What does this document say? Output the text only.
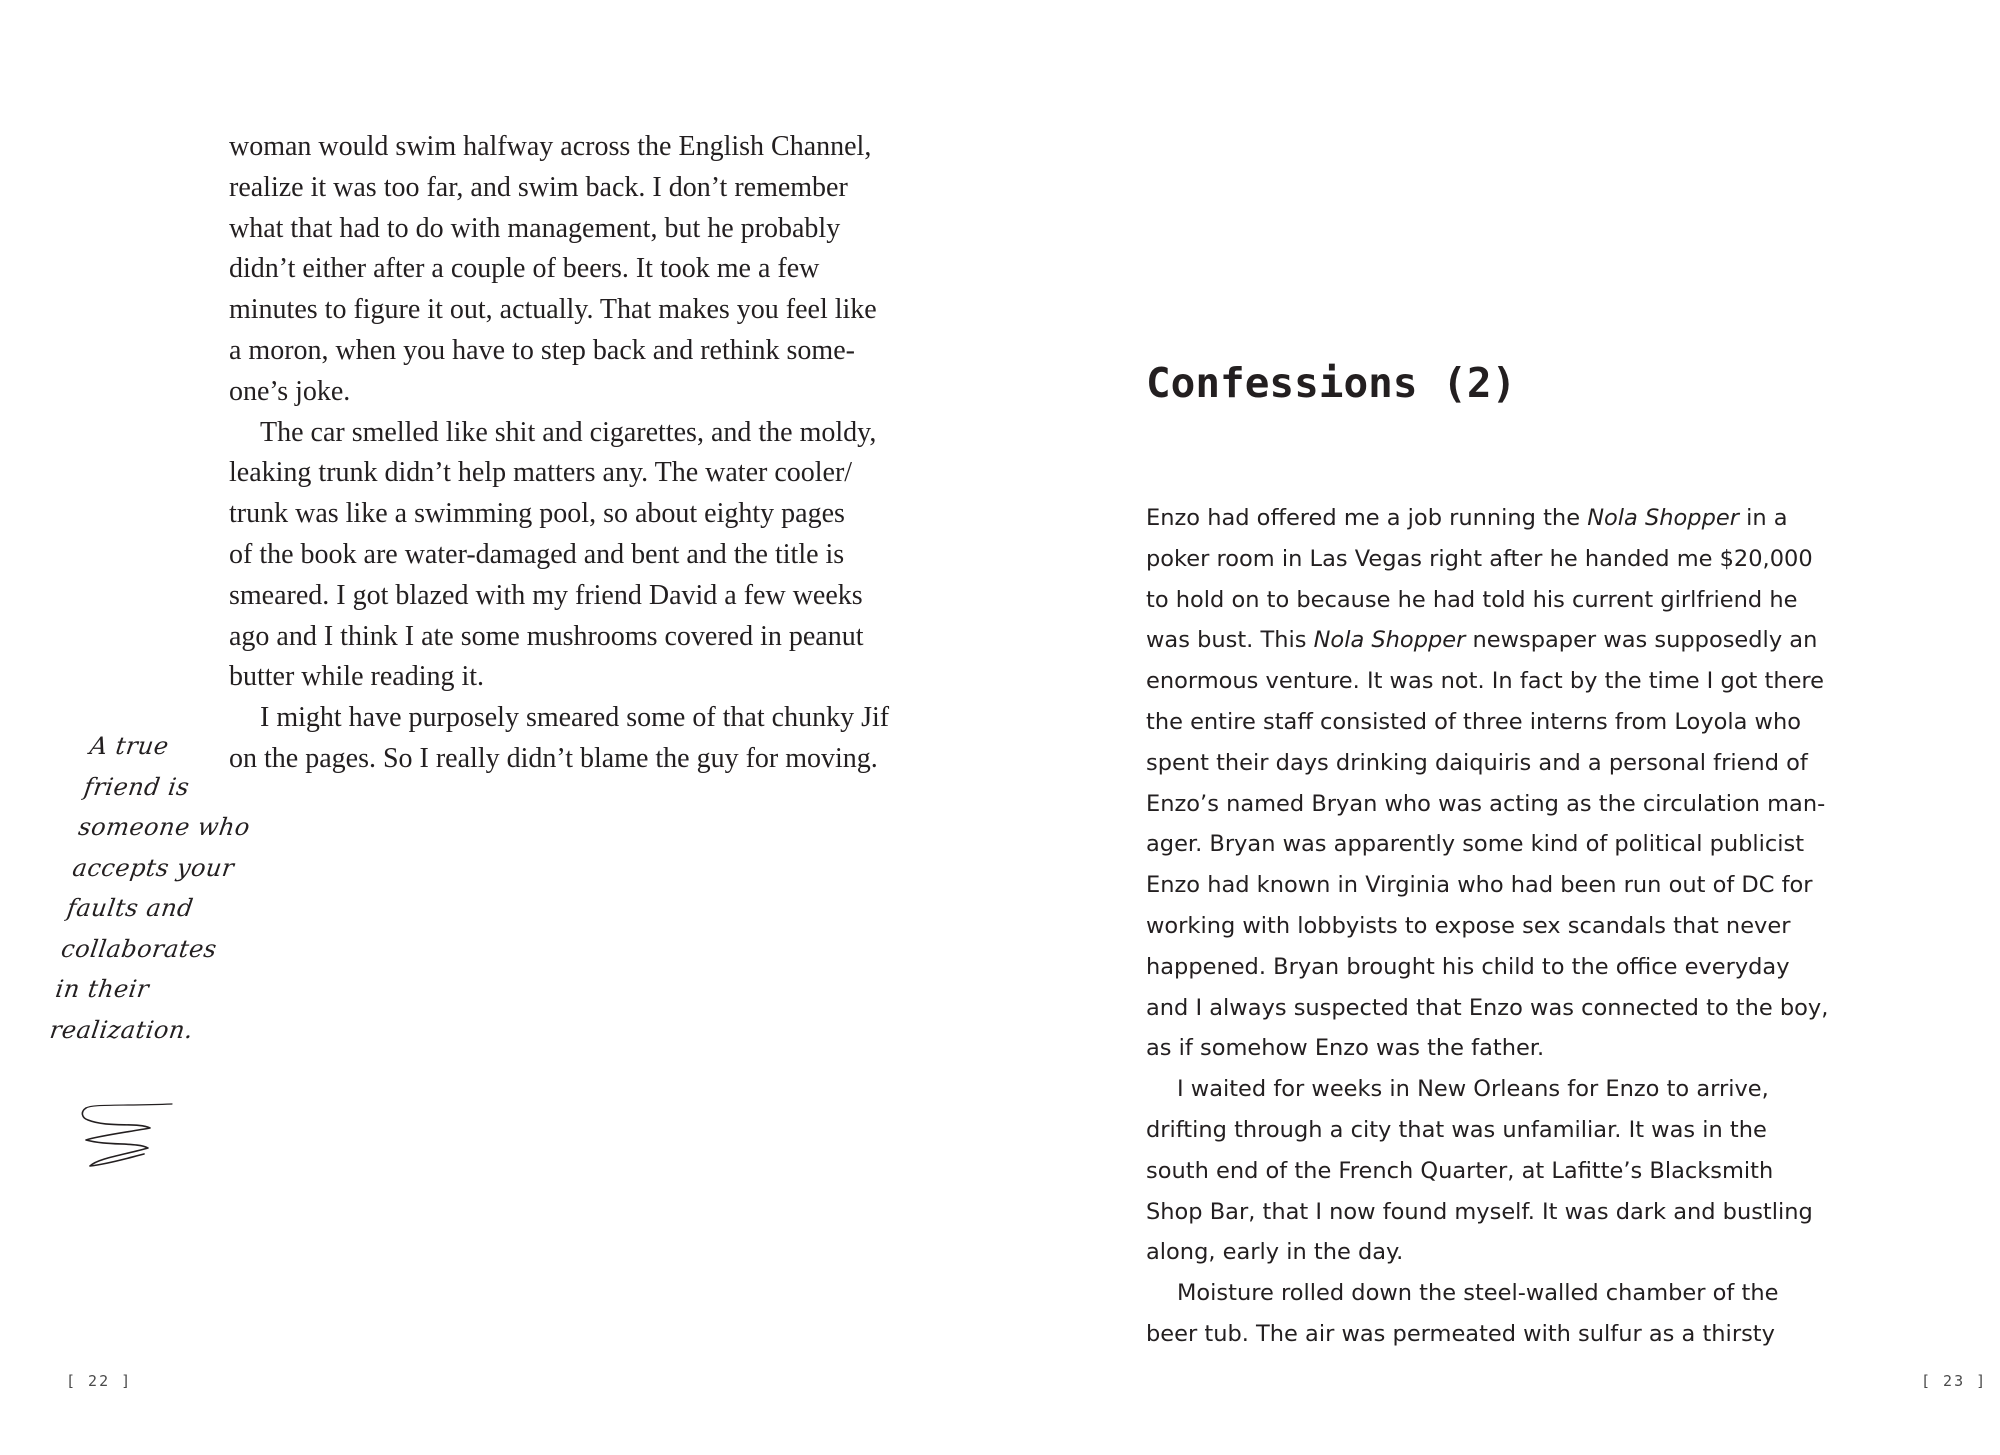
woman would swim halfway across the English Channel,
realize it was too far, and swim back. I don’t remember
what that had to do with management, but he probably
didn’t either after a couple of beers. It took me a few
minutes to figure it out, actually. That makes you feel like
a moron, when you have to step back and rethink some-
one’s joke.
The car smelled like shit and cigarettes, and the moldy,
leaking trunk didn’t help matters any. The water cooler/
trunk was like a swimming pool, so about eighty pages
of the book are water-damaged and bent and the title is
smeared. I got blazed with my friend David a few weeks
ago and I think I ate some mushrooms covered in peanut
butter while reading it.
I might have purposely smeared some of that chunky Jif
on the pages. So I really didn’t blame the guy for moving.
A true
friend is
someone who
accepts your
faults and
collaborates
in their
realization.
[ 22 ]
Confessions (2)
Enzo had offered me a job running the Nola Shopper in a
poker room in Las Vegas right after he handed me $20,000
to hold on to because he had told his current girlfriend he
was bust. This Nola Shopper newspaper was supposedly an
enormous venture. It was not. In fact by the time I got there
the entire staff consisted of three interns from Loyola who
spent their days drinking daiquiris and a personal friend of
Enzo’s named Bryan who was acting as the circulation man-
ager. Bryan was apparently some kind of political publicist
Enzo had known in Virginia who had been run out of DC for
working with lobbyists to expose sex scandals that never
happened. Bryan brought his child to the office everyday
and I always suspected that Enzo was connected to the boy,
as if somehow Enzo was the father.
I waited for weeks in New Orleans for Enzo to arrive,
drifting through a city that was unfamiliar. It was in the
south end of the French Quarter, at Lafitte’s Blacksmith
Shop Bar, that I now found myself. It was dark and bustling
along, early in the day.
Moisture rolled down the steel-walled chamber of the
beer tub. The air was permeated with sulfur as a thirsty
[ 23 ]
